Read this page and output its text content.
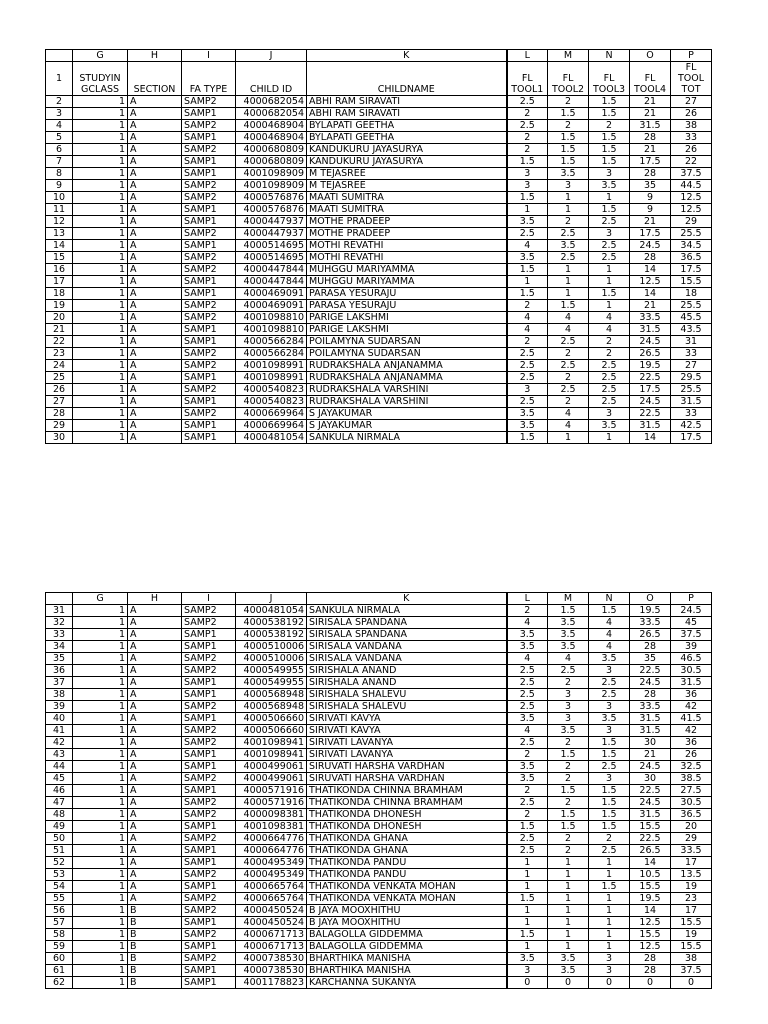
	G	H	I	J	K	L	M	N	O	P
1	STUDYIN GCLASS	SECTION	FA TYPE	CHILD ID	CHILDNAME	FL TOOL1	FL TOOL2	FL TOOL3	FL TOOL4	FL TOOL TOT
2	1	A	SAMP2	4000682054	ABHI RAM SIRAVATI	2.5	2	1.5	21	27
3	1	A	SAMP1	4000682054	ABHI RAM SIRAVATI	2	1.5	1.5	21	26
4	1	A	SAMP2	4000468904	BYLAPATI GEETHA	2.5	2	2	31.5	38
5	1	A	SAMP1	4000468904	BYLAPATI GEETHA	2	1.5	1.5	28	33
6	1	A	SAMP2	4000680809	KANDUKURU JAYASURYA	2	1.5	1.5	21	26
7	1	A	SAMP1	4000680809	KANDUKURU JAYASURYA	1.5	1.5	1.5	17.5	22
8	1	A	SAMP1	4001098909	M TEJASREE	3	3.5	3	28	37.5
9	1	A	SAMP2	4001098909	M TEJASREE	3	3	3.5	35	44.5
10	1	A	SAMP2	4000576876	MAATI SUMITRA	1.5	1	1	9	12.5
11	1	A	SAMP1	4000576876	MAATI SUMITRA	1	1	1.5	9	12.5
12	1	A	SAMP1	4000447937	MOTHE PRADEEP	3.5	2	2.5	21	29
13	1	A	SAMP2	4000447937	MOTHE PRADEEP	2.5	2.5	3	17.5	25.5
14	1	A	SAMP1	4000514695	MOTHI REVATHI	4	3.5	2.5	24.5	34.5
15	1	A	SAMP2	4000514695	MOTHI REVATHI	3.5	2.5	2.5	28	36.5
16	1	A	SAMP2	4000447844	MUHGGU MARIYAMMA	1.5	1	1	14	17.5
17	1	A	SAMP1	4000447844	MUHGGU MARIYAMMA	1	1	1	12.5	15.5
18	1	A	SAMP1	4000469091	PARASA YESURAJU	1.5	1	1.5	14	18
19	1	A	SAMP2	4000469091	PARASA YESURAJU	2	1.5	1	21	25.5
20	1	A	SAMP2	4001098810	PARIGE LAKSHMI	4	4	4	33.5	45.5
21	1	A	SAMP1	4001098810	PARIGE LAKSHMI	4	4	4	31.5	43.5
22	1	A	SAMP1	4000566284	POILAMYNA SUDARSAN	2	2.5	2	24.5	31
23	1	A	SAMP2	4000566284	POILAMYNA SUDARSAN	2.5	2	2	26.5	33
24	1	A	SAMP2	4001098991	RUDRAKSHALA ANJANAMMA	2.5	2.5	2.5	19.5	27
25	1	A	SAMP1	4001098991	RUDRAKSHALA ANJANAMMA	2.5	2	2.5	22.5	29.5
26	1	A	SAMP2	4000540823	RUDRAKSHALA VARSHINI	3	2.5	2.5	17.5	25.5
27	1	A	SAMP1	4000540823	RUDRAKSHALA VARSHINI	2.5	2	2.5	24.5	31.5
28	1	A	SAMP2	4000669964	S JAYAKUMAR	3.5	4	3	22.5	33
29	1	A	SAMP1	4000669964	S JAYAKUMAR	3.5	4	3.5	31.5	42.5
30	1	A	SAMP1	4000481054	SANKULA NIRMALA	1.5	1	1	14	17.5
	G	H	I	J	K	L	M	N	O	P
31	1	A	SAMP2	4000481054	SANKULA NIRMALA	2	1.5	1.5	19.5	24.5
32	1	A	SAMP2	4000538192	SIRISALA SPANDANA	4	3.5	4	33.5	45
33	1	A	SAMP1	4000538192	SIRISALA SPANDANA	3.5	3.5	4	26.5	37.5
34	1	A	SAMP1	4000510006	SIRISALA VANDANA	3.5	3.5	4	28	39
35	1	A	SAMP2	4000510006	SIRISALA VANDANA	4	4	3.5	35	46.5
36	1	A	SAMP2	4000549955	SIRISHALA ANAND	2.5	2.5	3	22.5	30.5
37	1	A	SAMP1	4000549955	SIRISHALA ANAND	2.5	2	2.5	24.5	31.5
38	1	A	SAMP1	4000568948	SIRISHALA SHALEVU	2.5	3	2.5	28	36
39	1	A	SAMP2	4000568948	SIRISHALA SHALEVU	2.5	3	3	33.5	42
40	1	A	SAMP1	4000506660	SIRIVATI KAVYA	3.5	3	3.5	31.5	41.5
41	1	A	SAMP2	4000506660	SIRIVATI KAVYA	4	3.5	3	31.5	42
42	1	A	SAMP2	4001098941	SIRIVATI LAVANYA	2.5	2	1.5	30	36
43	1	A	SAMP1	4001098941	SIRIVATI LAVANYA	2	1.5	1.5	21	26
44	1	A	SAMP1	4000499061	SIRUVATI HARSHA VARDHAN	3.5	2	2.5	24.5	32.5
45	1	A	SAMP2	4000499061	SIRUVATI HARSHA VARDHAN	3.5	2	3	30	38.5
46	1	A	SAMP1	4000571916	THATIKONDA CHINNA BRAMHAM	2	1.5	1.5	22.5	27.5
47	1	A	SAMP2	4000571916	THATIKONDA CHINNA BRAMHAM	2.5	2	1.5	24.5	30.5
48	1	A	SAMP2	4000098381	THATIKONDA DHONESH	2	1.5	1.5	31.5	36.5
49	1	A	SAMP1	4001098381	THATIKONDA DHONESH	1.5	1.5	1.5	15.5	20
50	1	A	SAMP2	4000664776	THATIKONDA GHANA	2.5	2	2	22.5	29
51	1	A	SAMP1	4000664776	THATIKONDA GHANA	2.5	2	2.5	26.5	33.5
52	1	A	SAMP1	4000495349	THATIKONDA PANDU	1	1	1	14	17
53	1	A	SAMP2	4000495349	THATIKONDA PANDU	1	1	1	10.5	13.5
54	1	A	SAMP1	4000665764	THATIKONDA VENKATA MOHAN	1	1	1.5	15.5	19
55	1	A	SAMP2	4000665764	THATIKONDA VENKATA MOHAN	1.5	1	1	19.5	23
56	1	B	SAMP2	4000450524	B JAYA MOOXHITHU	1	1	1	14	17
57	1	B	SAMP1	4000450524	B JAYA MOOXHITHU	1	1	1	12.5	15.5
58	1	B	SAMP2	4000671713	BALAGOLLA GIDDEMMA	1.5	1	1	15.5	19
59	1	B	SAMP1	4000671713	BALAGOLLA GIDDEMMA	1	1	1	12.5	15.5
60	1	B	SAMP2	4000738530	BHARTHIKA MANISHA	3.5	3.5	3	28	38
61	1	B	SAMP1	4000738530	BHARTHIKA MANISHA	3	3.5	3	28	37.5
62	1	B	SAMP1	4001178823	KARCHANNA SUKANYA	0	0	0	0	0
